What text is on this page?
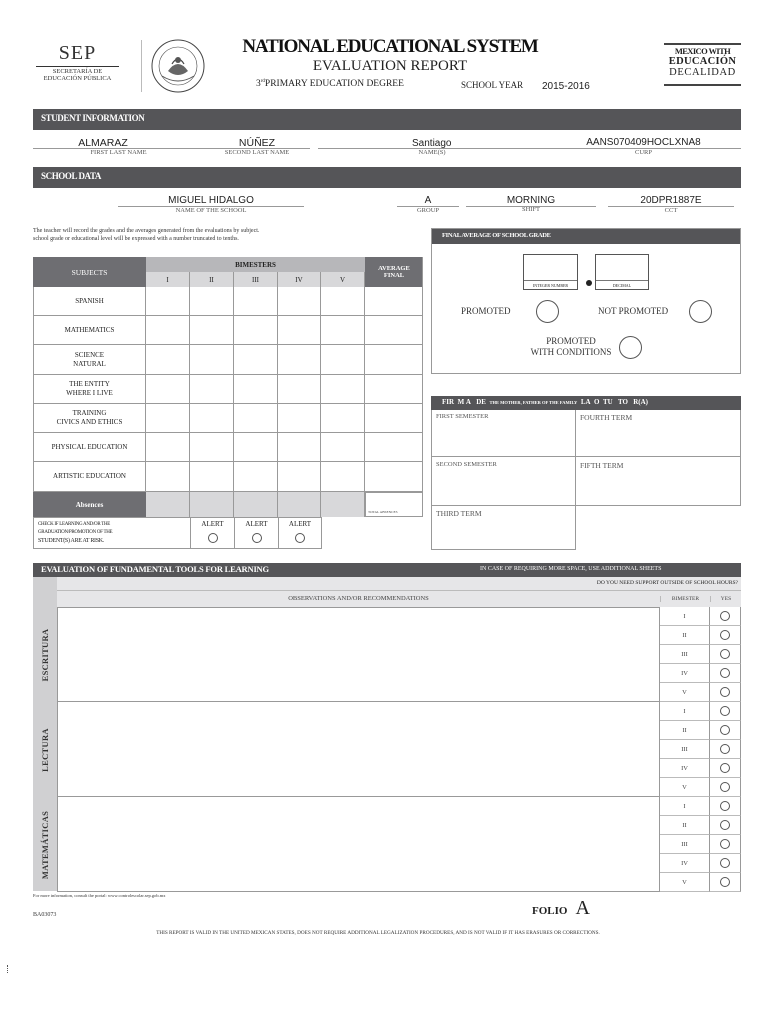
SEP
SECRETARÍA DE
EDUCACIÓN PÚBLICA
NATIONAL EDUCATIONAL SYSTEM
EVALUATION REPORT
3rdPRIMARY EDUCATION DEGREE	SCHOOL YEAR 2015-2016
MEXICO WITH
EDUCACIÓN
DECALIDAD
STUDENT INFORMATION
ALMARAZ
FIRST LAST NAME
NÚÑEZ
SECOND LAST NAME
Santiago
NAME(S)
AANS070409HOCLXNA8
CURP
SCHOOL DATA
MIGUEL HIDALGO
NAME OF THE SCHOOL
A
GROUP
MORNING
SHIFT
20DPR1887E
CCT
The teacher will record the grades and the averages generated from the evaluations by subject.
school grade or educational level will be expressed with a number truncated to tenths.
SUBJECTS
BIMESTERS
I	II	III	IV	V
AVERAGE
FINAL
SPANISH
MATHEMATICS
SCIENCE
NATURAL
THE ENTITY
WHERE I LIVE
TRAINING
CIVICS AND ETHICS
PHYSICAL EDUCATION
ARTISTIC EDUCATION
Absences
TOTAL ABSENCES
CHECK IF LEARNING AND/OR THE
GRADUATION/PROMOTION OF THE
STUDENT(S) ARE AT RISK.
ALERT	ALERT	ALERT
FINAL AVERAGE OF SCHOOL GRADE
INTEGER NUMBER	DECIMAL
PROMOTED	NOT PROMOTED
PROMOTED
WITH CONDITIONS
FIR M A DE THE MOTHER, FATHER OF THE FAMILY LA O TU TO R(A)
FIRST SEMESTER	FOURTH TERM
SECOND SEMESTER	FIFTH TERM
THIRD TERM
EVALUATION OF FUNDAMENTAL TOOLS FOR LEARNING	IN CASE OF REQUIRING MORE SPACE, USE ADDITIONAL SHEETS
DO YOU NEED SUPPORT OUTSIDE OF SCHOOL HOURS?
OBSERVATIONS AND/OR RECOMMENDATIONS	BIMESTER	YES
ESCRITURA
I
II
III
IV
V
LECTURA
I
II
III
IV
V
MATEMÁTICAS
I
II
III
IV
V
For more information, consult the portal: www.controlescolar.sep.gob.mx
BA03073	FOLIO A
THIS REPORT IS VALID IN THE UNITED MEXICAN STATES, DOES NOT REQUIRE ADDITIONAL LEGALIZATION PROCEDURES, AND IS NOT VALID IF IT HAS ERASURES OR CORRECTIONS.
